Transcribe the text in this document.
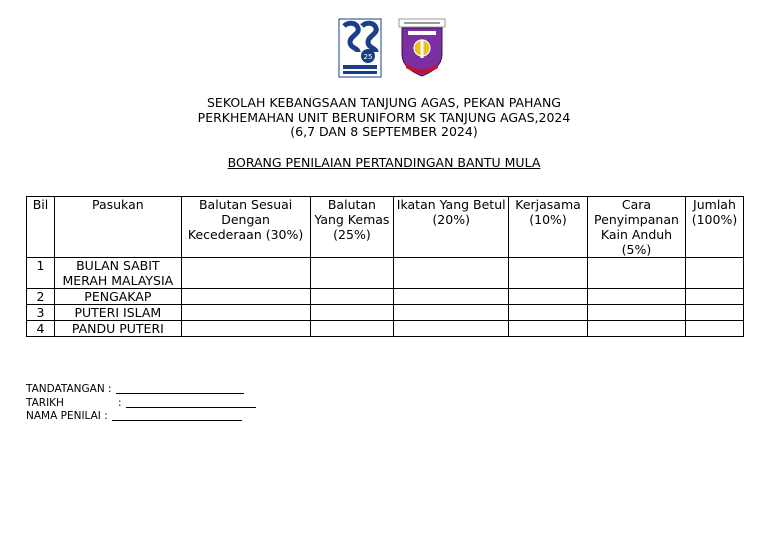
25
SEKOLAH KEBANGSAAN TANJUNG AGAS, PEKAN PAHANG
PERKHEMAHAN UNIT BERUNIFORM SK TANJUNG AGAS,2024
(6,7 DAN 8 SEPTEMBER 2024)
BORANG PENILAIAN PERTANDINGAN BANTU MULA
Bil	Pasukan	Balutan Sesuai Dengan Kecederaan (30%)	Balutan Yang Kemas (25%)	Ikatan Yang Betul (20%)	Kerjasama (10%)	Cara Penyimpanan Kain Anduh (5%)	Jumlah (100%)
1	BULAN SABIT MERAH MALAYSIA						
2	PENGAKAP						
3	PUTERI ISLAM						
4	PANDU PUTERI						
TANDATANGAN :
TARIKH	:
NAMA PENILAI :
